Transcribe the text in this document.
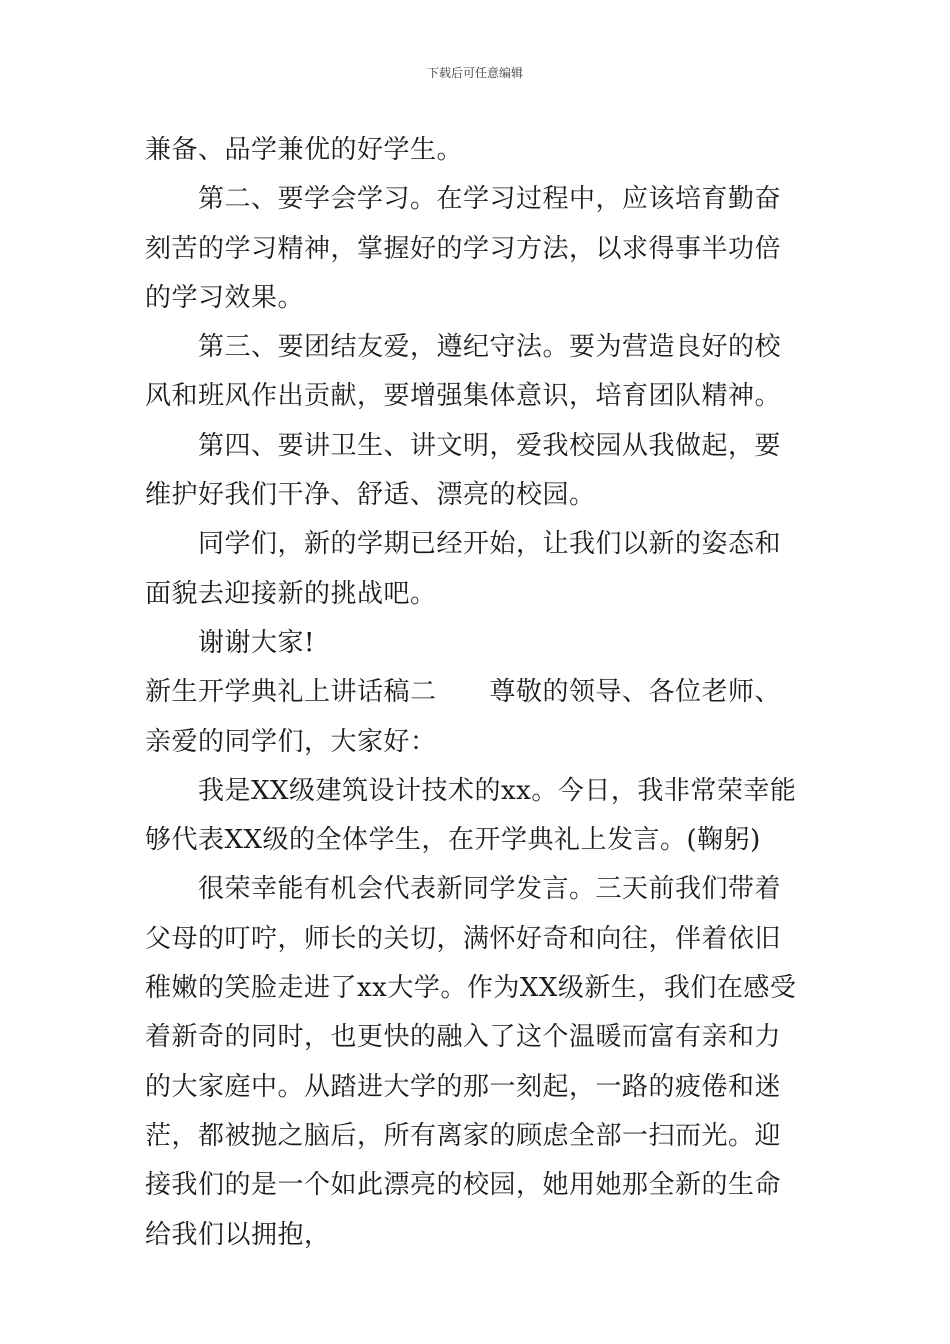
下载后可任意编辑

兼备、品学兼优的好学生。

第二、要学会学习。在学习过程中，应该培育勤奋刻苦的学习精神，掌握好的学习方法，以求得事半功倍的学习效果。

第三、要团结友爱，遵纪守法。要为营造良好的校风和班风作出贡献，要增强集体意识，培育团队精神。

第四、要讲卫生、讲文明，爱我校园从我做起，要维护好我们干净、舒适、漂亮的校园。

同学们，新的学期已经开始，让我们以新的姿态和面貌去迎接新的挑战吧。

谢谢大家!

新生开学典礼上讲话稿二　　尊敬的领导、各位老师、亲爱的同学们，大家好：

我是XX级建筑设计技术的xx。今日，我非常荣幸能够代表XX级的全体学生，在开学典礼上发言。(鞠躬)

很荣幸能有机会代表新同学发言。三天前我们带着父母的叮咛，师长的关切，满怀好奇和向往，伴着依旧稚嫩的笑脸走进了xx大学。作为XX级新生，我们在感受着新奇的同时，也更快的融入了这个温暖而富有亲和力的大家庭中。从踏进大学的那一刻起，一路的疲倦和迷茫，都被抛之脑后，所有离家的顾虑全部一扫而光。迎接我们的是一个如此漂亮的校园，她用她那全新的生命给我们以拥抱，
